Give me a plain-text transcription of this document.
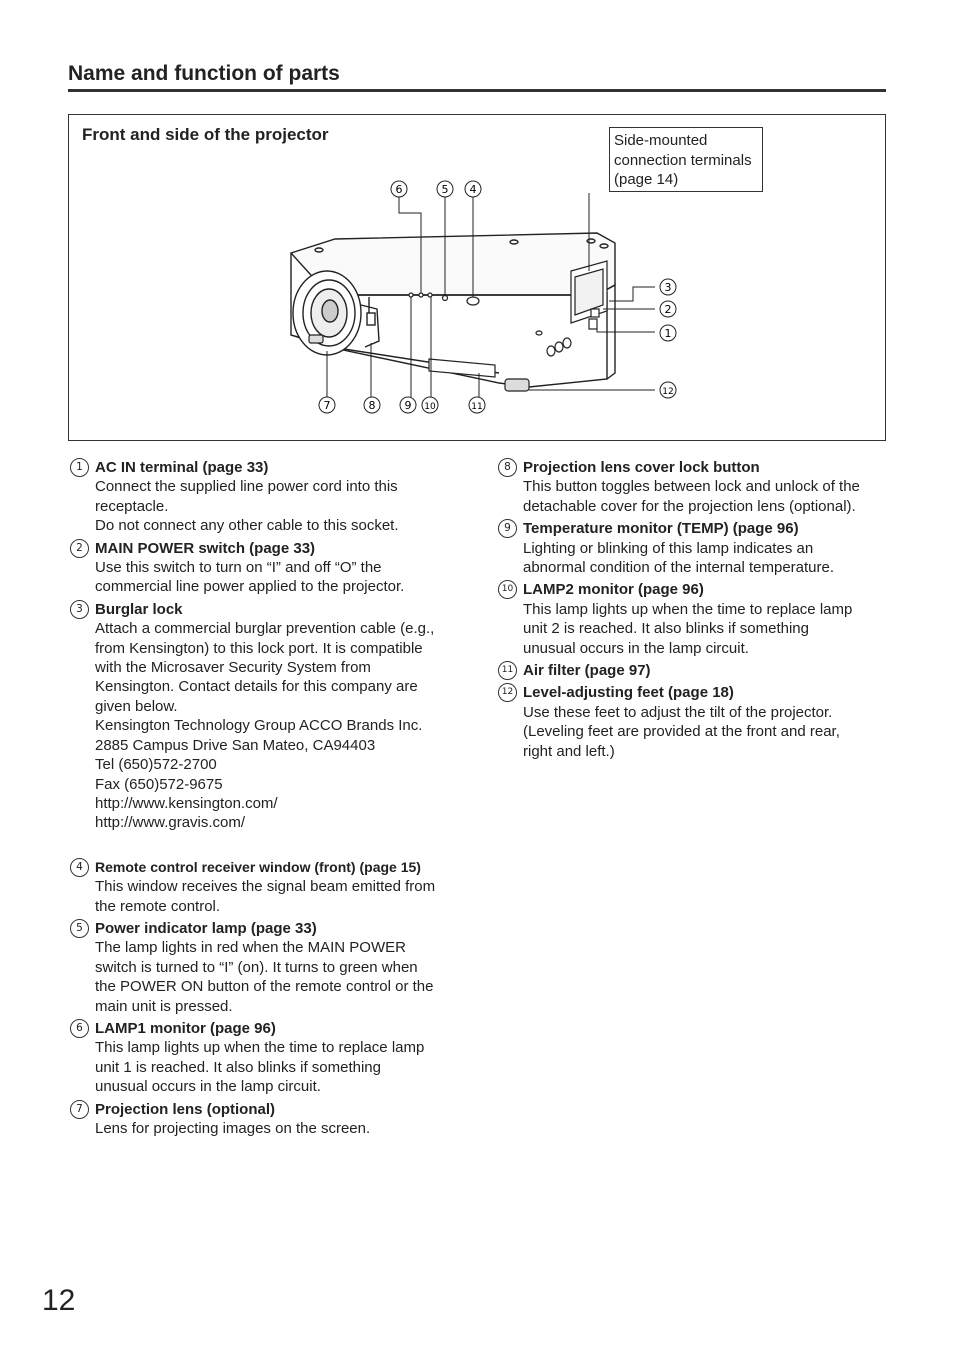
Name and function of parts
6	5 4
3
2
1
12
7	8	9 10	11
Front and side of the projector	Side-mounted
connection terminals
(page 14)
1 AC IN terminal (page 33)
Connect the supplied line power cord into this
receptacle.
Do not connect any other cable to this socket.
2 MAIN POWER switch (page 33)
Use this switch to turn on “I” and off “O” the
commercial line power applied to the projector.
3 Burglar lock
Attach a commercial burglar prevention cable (e.g.,
from Kensington) to this lock port. It is compatible
with the Microsaver Security System from
Kensington. Contact details for this company are
given below.
Kensington Technology Group ACCO Brands Inc.
2885 Campus Drive San Mateo, CA94403
Tel (650)572-2700
Fax (650)572-9675
http://www.kensington.com/
http://www.gravis.com/
4 Remote control receiver window (front) (page 15)
This window receives the signal beam emitted from
the remote control.
5 Power indicator lamp (page 33)
The lamp lights in red when the MAIN POWER
switch is turned to “I” (on). It turns to green when
the POWER ON button of the remote control or the
main unit is pressed.
6 LAMP1 monitor (page 96)
This lamp lights up when the time to replace lamp
unit 1 is reached. It also blinks if something
unusual occurs in the lamp circuit.
7 Projection lens (optional)
Lens for projecting images on the screen.
8 Projection lens cover lock button
This button toggles between lock and unlock of the
detachable cover for the projection lens (optional).
9 Temperature monitor (TEMP) (page 96)
Lighting or blinking of this lamp indicates an
abnormal condition of the internal temperature.
10 LAMP2 monitor (page 96)
This lamp lights up when the time to replace lamp
unit 2 is reached. It also blinks if something
unusual occurs in the lamp circuit.
11 Air filter (page 97)
12 Level-adjusting feet (page 18)
Use these feet to adjust the tilt of the projector.
(Leveling feet are provided at the front and rear,
right and left.)
12
